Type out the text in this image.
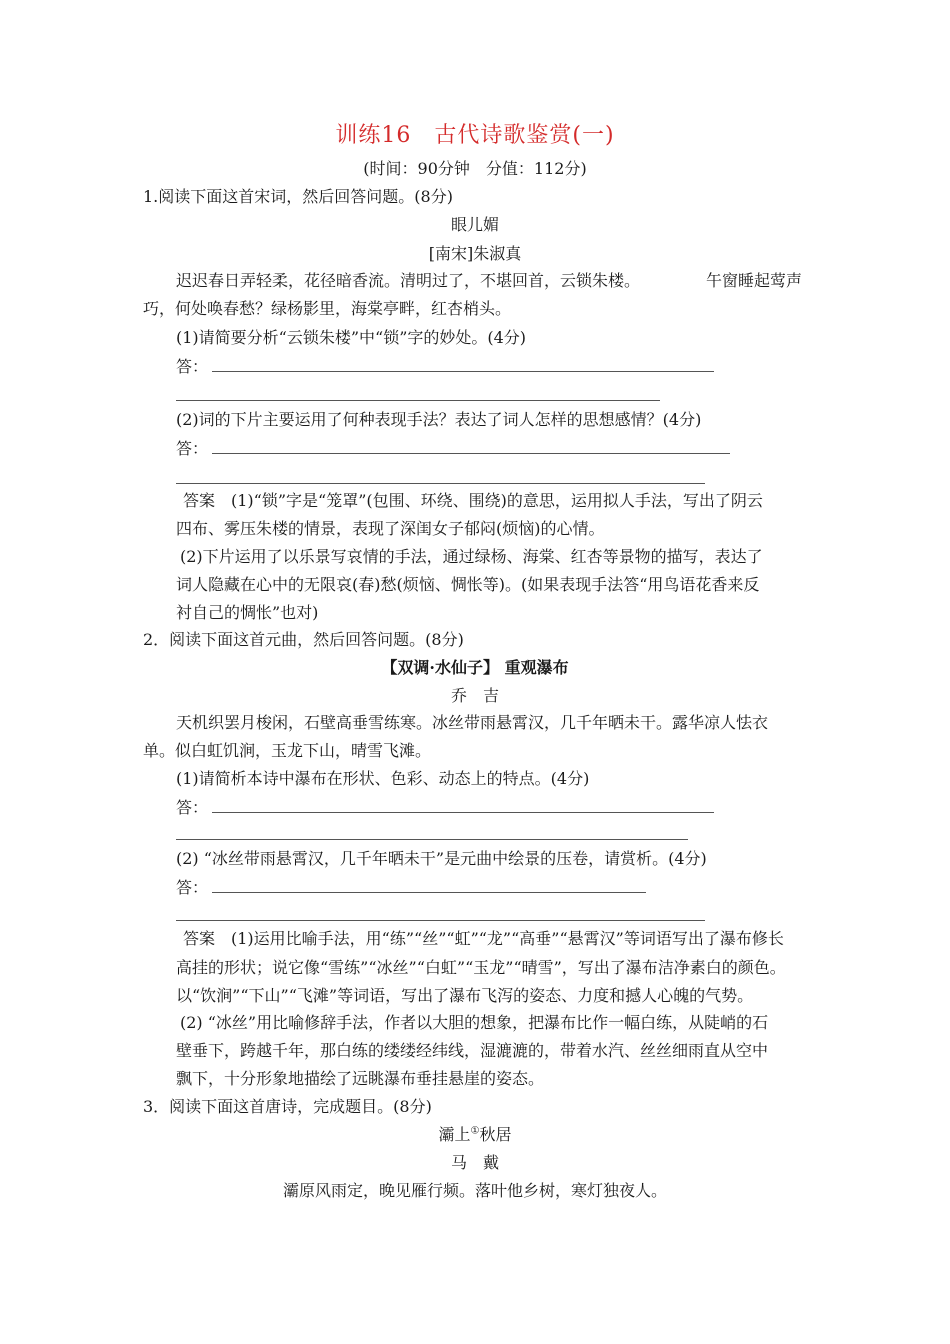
训练16　古代诗歌鉴赏(一)
(时间：90分钟　分值：112分)
1.阅读下面这首宋词，然后回答问题。(8分)
眼儿媚
[南宋]朱淑真
迟迟春日弄轻柔，花径暗香流。清明过了，不堪回首，云锁朱楼。	午窗睡起莺声
巧，何处唤春愁？绿杨影里，海棠亭畔，红杏梢头。
(1)请简要分析“云锁朱楼”中“锁”字的妙处。(4分)
答：
(2)词的下片主要运用了何种表现手法？表达了词人怎样的思想感情？(4分)
答：
答案　(1)“锁”字是“笼罩”(包围、环绕、围绕)的意思，运用拟人手法，写出了阴云
四布、雾压朱楼的情景，表现了深闺女子郁闷(烦恼)的心情。
(2)下片运用了以乐景写哀情的手法，通过绿杨、海棠、红杏等景物的描写，表达了
词人隐藏在心中的无限哀(春)愁(烦恼、惆怅等)。(如果表现手法答“用鸟语花香来反
衬自己的惆怅”也对)
2．阅读下面这首元曲，然后回答问题。(8分)
【双调·水仙子】 重观瀑布
乔　吉
天机织罢月梭闲，石壁高垂雪练寒。冰丝带雨悬霄汉，几千年晒未干。露华凉人怯衣
单。似白虹饥涧，玉龙下山，晴雪飞滩。
(1)请简析本诗中瀑布在形状、色彩、动态上的特点。(4分)
答：
(2) “冰丝带雨悬霄汉，几千年晒未干”是元曲中绘景的压卷，请赏析。(4分)
答：
答案　(1)运用比喻手法，用“练”“丝”“虹”“龙”“高垂”“悬霄汉”等词语写出了瀑布修长
高挂的形状；说它像“雪练”“冰丝”“白虹”“玉龙”“晴雪”，写出了瀑布洁净素白的颜色。
以“饮涧”“下山”“飞滩”等词语，写出了瀑布飞泻的姿态、力度和撼人心魄的气势。
(2) “冰丝”用比喻修辞手法，作者以大胆的想象，把瀑布比作一幅白练，从陡峭的石
壁垂下，跨越千年，那白练的缕缕经纬线，湿漉漉的，带着水汽、丝丝细雨直从空中
飘下，十分形象地描绘了远眺瀑布垂挂悬崖的姿态。
3．阅读下面这首唐诗，完成题目。(8分)
灞上①秋居
马　戴
灞原风雨定，晚见雁行频。落叶他乡树，寒灯独夜人。
